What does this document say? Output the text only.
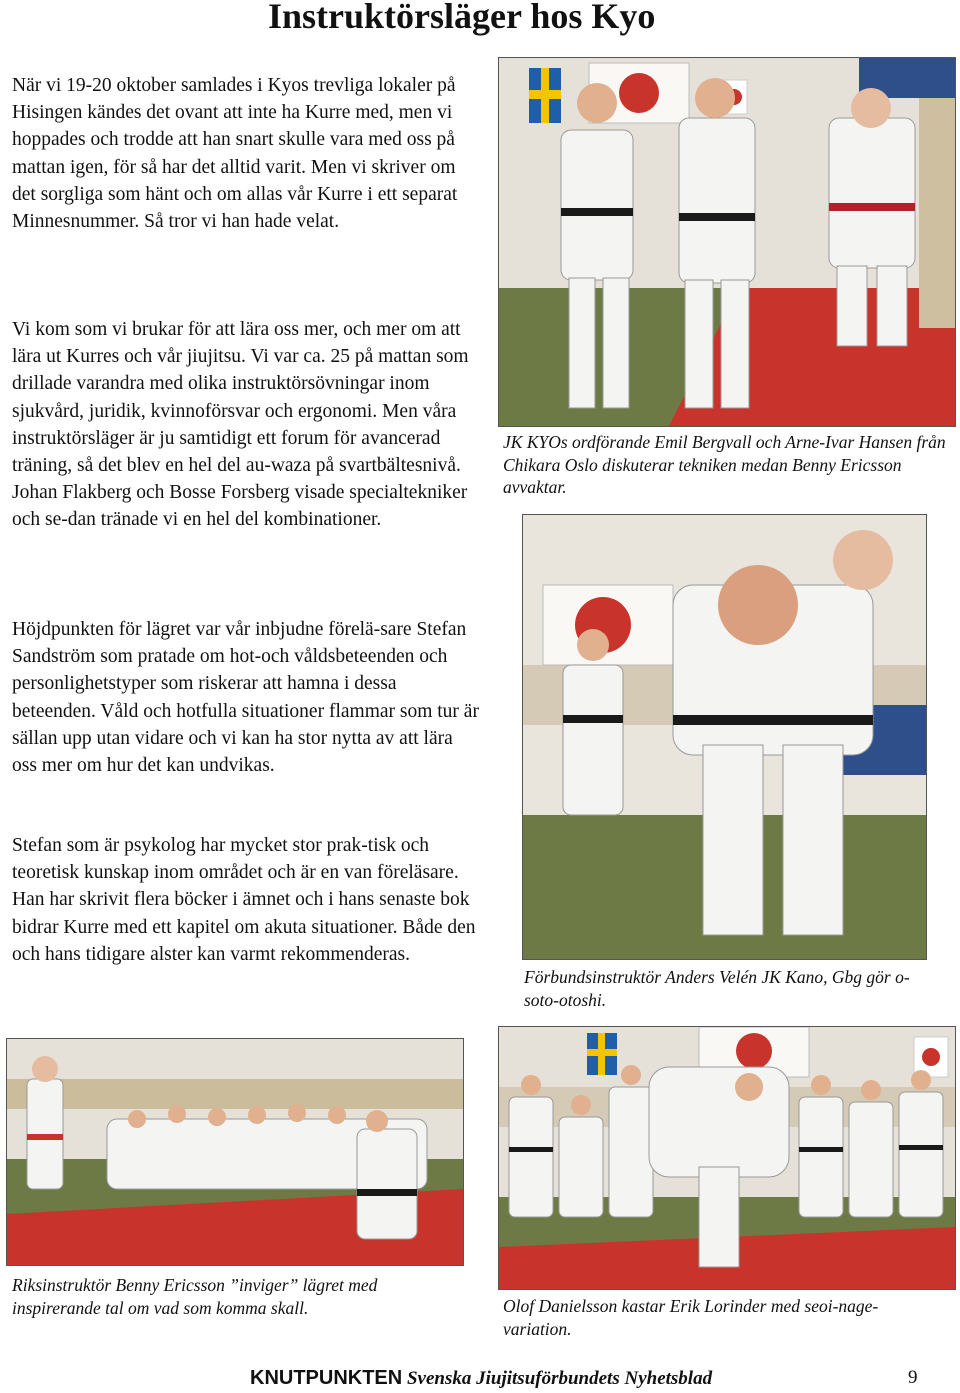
Instruktörsläger hos Kyo

När vi 19-20 oktober samlades i Kyos trevliga lokaler på Hisingen kändes det ovant att inte ha Kurre med, men vi hoppades och trodde att han snart skulle vara med oss på mattan igen, för så har det alltid varit. Men vi skriver om det sorgliga som hänt och om allas vår Kurre i ett separat Minnesnummer. Så tror vi han hade velat.

Vi kom som vi brukar för att lära oss mer, och mer om att lära ut Kurres och vår jiujitsu. Vi var ca. 25 på mattan som drillade varandra med olika instruktörsövningar inom sjukvård, juridik, kvinnoförsvar och ergonomi. Men våra instruktörsläger är ju samtidigt ett forum för avancerad träning, så det blev en hel del au-waza på svartbältesnivå. Johan Flakberg och Bosse Forsberg visade specialtekniker och se-dan tränade vi en hel del kombinationer.

Höjdpunkten för lägret var vår inbjudne förelä-sare Stefan Sandström som pratade om hot-och våldsbeteenden och personlighetstyper som riskerar att hamna i dessa beteenden. Våld och hotfulla situationer flammar som tur är sällan upp utan vidare och vi kan ha stor nytta av att lära oss mer om hur det kan undvikas.

Stefan som är psykolog har mycket stor prak-tisk och teoretisk kunskap inom området och är en van föreläsare. Han har skrivit flera böcker i ämnet och i hans senaste bok bidrar Kurre med ett kapitel om akuta situationer. Både den och hans tidigare alster kan varmt rekommenderas.

JK KYOs ordförande Emil Bergvall och Arne-Ivar Hansen från Chikara Oslo diskuterar tekniken medan Benny Ericsson avvaktar.

Förbundsinstruktör Anders Velén JK Kano, Gbg gör o-soto-otoshi.

Riksinstruktör Benny Ericsson ”inviger” lägret med inspirerande tal om vad som komma skall.	Olof Danielsson kastar Erik Lorinder med seoi-nage-variation.

KNUTPUNKTEN Svenska Jiujitsuförbundets Nyhetsblad	9
